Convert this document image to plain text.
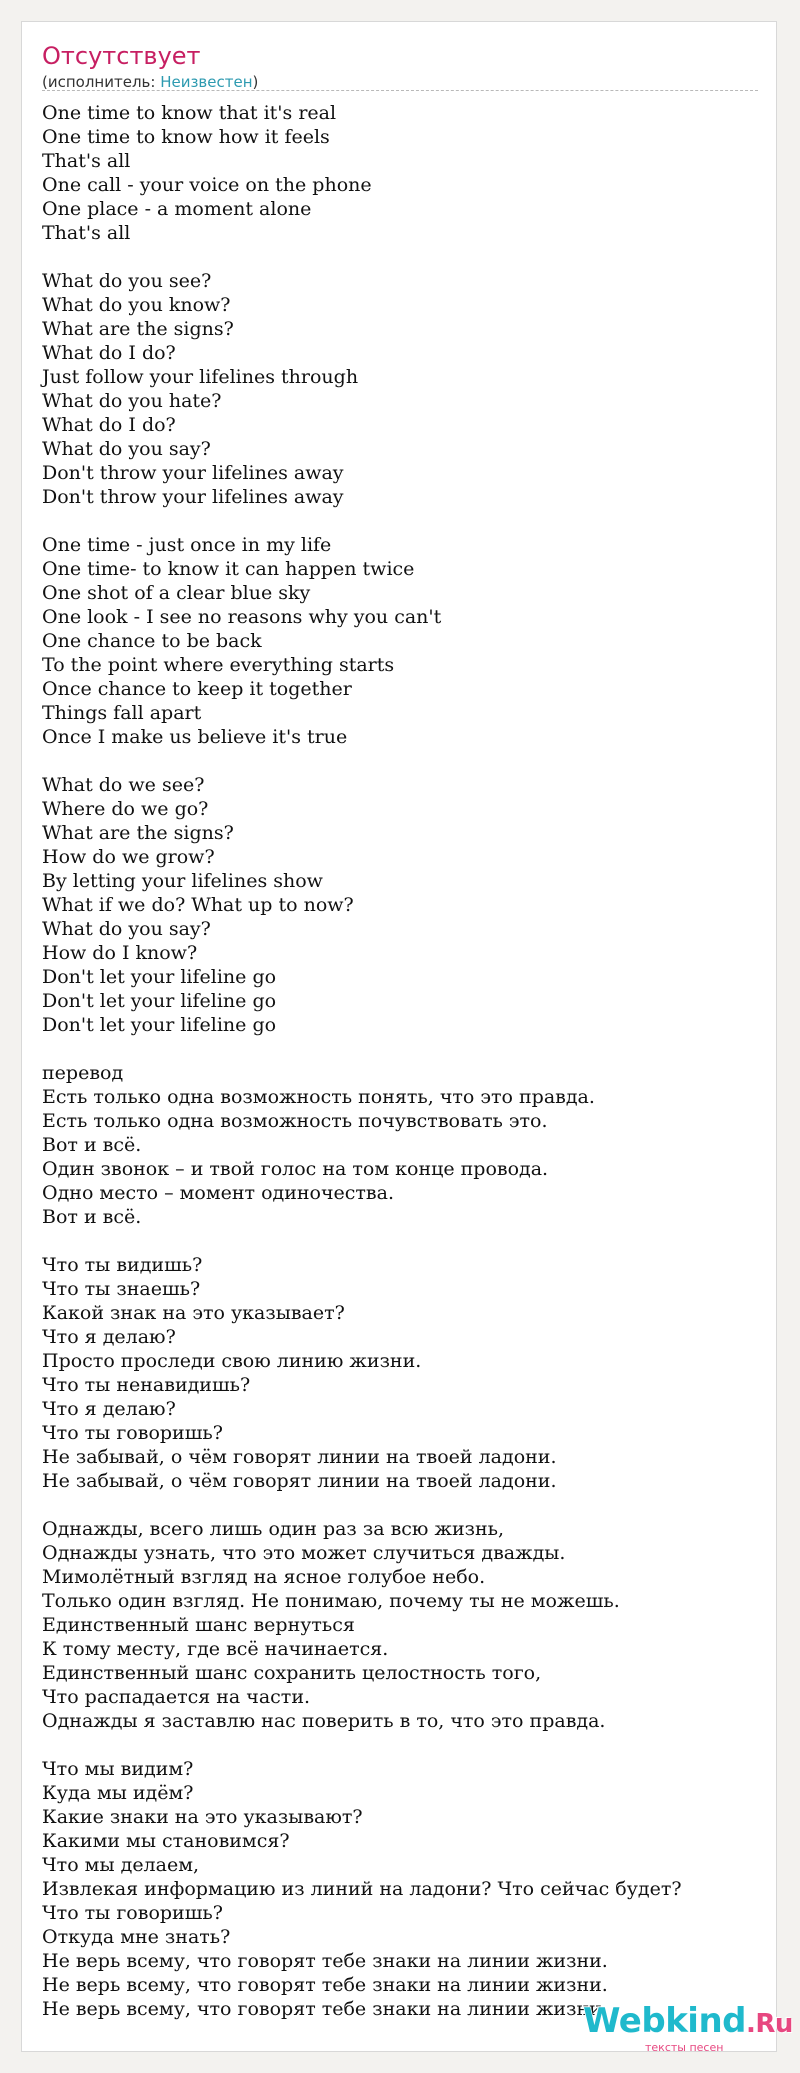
Отсутствует
(исполнитель: Неизвестен)
One time to know that it's real
One time to know how it feels
That's all
One call - your voice on the phone
One place - a moment alone
That's all
What do you see?
What do you know?
What are the signs?
What do I do?
Just follow your lifelines through
What do you hate?
What do I do?
What do you say?
Don't throw your lifelines away
Don't throw your lifelines away
One time - just once in my life
One time- to know it can happen twice
One shot of a clear blue sky
One look - I see no reasons why you can't
One chance to be back
To the point where everything starts
Once chance to keep it together
Things fall apart
Once I make us believe it's true
What do we see?
Where do we go?
What are the signs?
How do we grow?
By letting your lifelines show
What if we do? What up to now?
What do you say?
How do I know?
Don't let your lifeline go
Don't let your lifeline go
Don't let your lifeline go
перевод
Есть только одна возможность понять, что это правда.
Есть только одна возможность почувствовать это.
Вот и всё.
Один звонок – и твой голос на том конце провода.
Одно место – момент одиночества.
Вот и всё.
Что ты видишь?
Что ты знаешь?
Какой знак на это указывает?
Что я делаю?
Просто проследи свою линию жизни.
Что ты ненавидишь?
Что я делаю?
Что ты говоришь?
Не забывай, о чём говорят линии на твоей ладони.
Не забывай, о чём говорят линии на твоей ладони.
Однажды, всего лишь один раз за всю жизнь,
Однажды узнать, что это может случиться дважды.
Мимолётный взгляд на ясное голубое небо.
Только один взгляд. Не понимаю, почему ты не можешь.
Единственный шанс вернуться
К тому месту, где всё начинается.
Единственный шанс сохранить целостность того,
Что распадается на части.
Однажды я заставлю нас поверить в то, что это правда.
Что мы видим?
Куда мы идём?
Какие знаки на это указывают?
Какими мы становимся?
Что мы делаем,
Извлекая информацию из линий на ладони? Что сейчас будет?
Что ты говоришь?
Откуда мне знать?
Не верь всему, что говорят тебе знаки на линии жизни.
Не верь всему, что говорят тебе знаки на линии жизни.
Не верь всему, что говорят тебе знаки на линии жизни.
Webkind.Ru
тексты песен
